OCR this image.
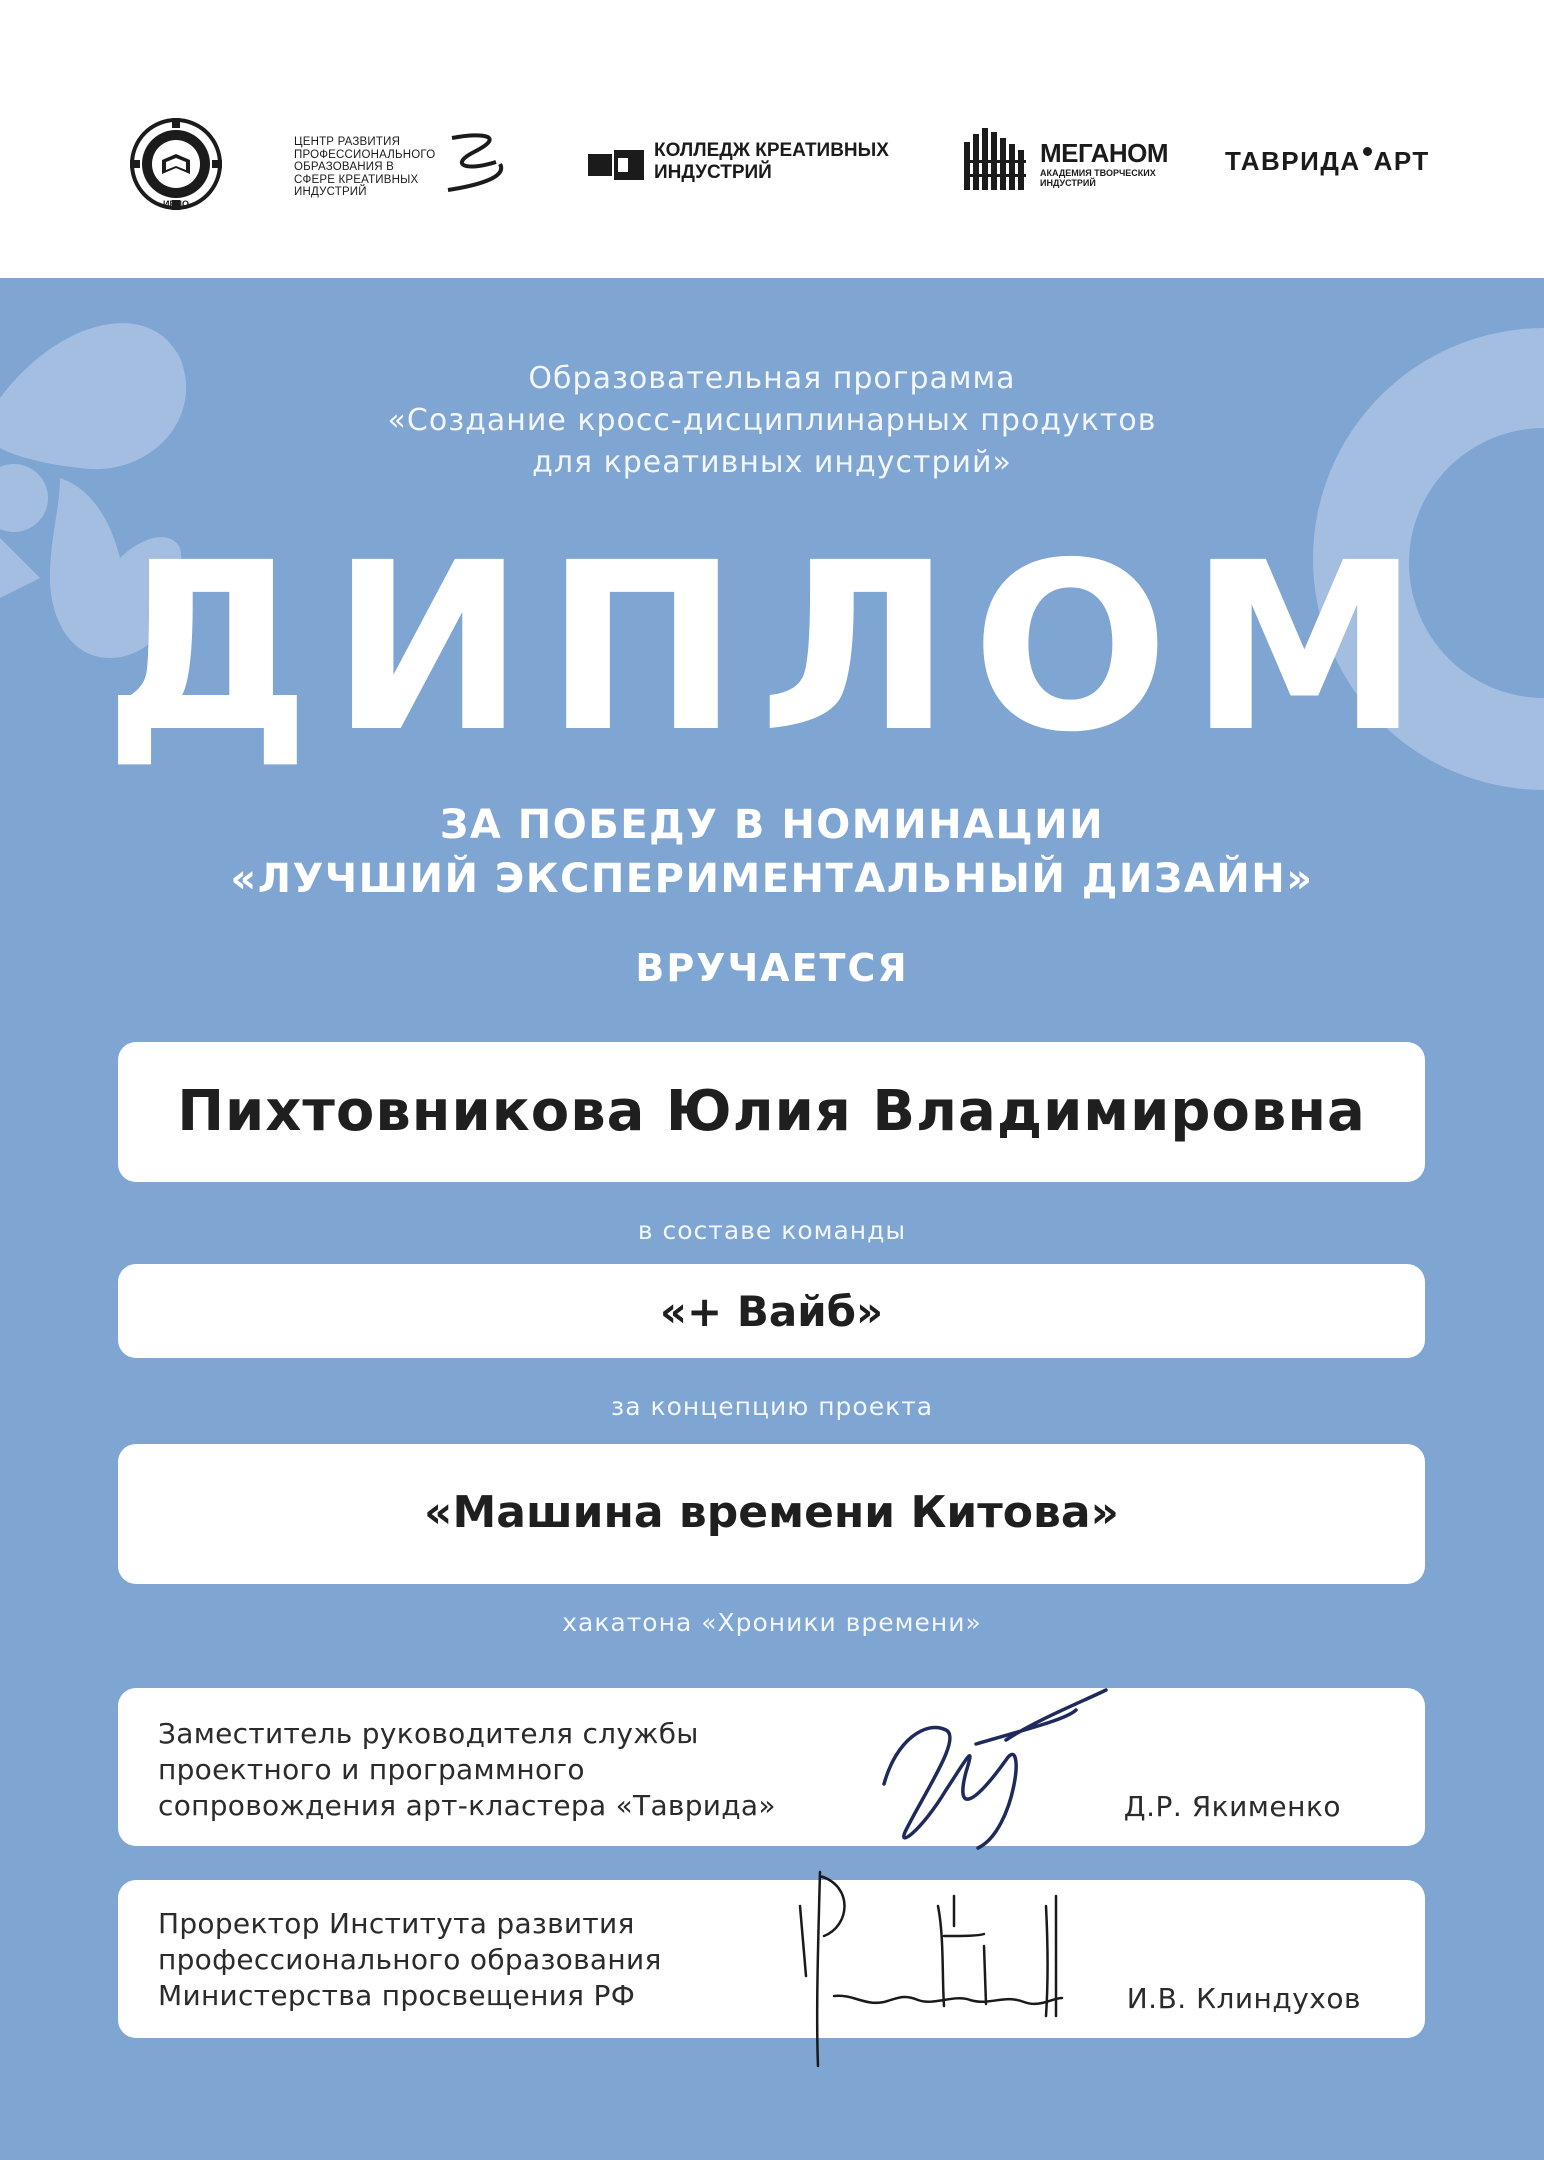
ИРПО
ЦЕНТР РАЗВИТИЯ ПРОФЕССИОНАЛЬНОГО ОБРАЗОВАНИЯ В СФЕРЕ КРЕАТИВНЫХ ИНДУСТРИЙ
КОЛЛЕДЖ КРЕАТИВНЫХ ИНДУСТРИЙ
МЕГАНОМ
АКАДЕМИЯ ТВОРЧЕСКИХ ИНДУСТРИЙ
ТАВРИДА АРТ
Образовательная программа
«Создание кросс-дисциплинарных продуктов
для креативных индустрий»
ДИПЛОМ
ЗА ПОБЕДУ В НОМИНАЦИИ
«ЛУЧШИЙ ЭКСПЕРИМЕНТАЛЬНЫЙ ДИЗАЙН»
ВРУЧАЕТСЯ
Пихтовникова Юлия Владимировна
в составе команды
«+ Вайб»
за концепцию проекта
«Машина времени Китова»
хакатона «Хроники времени»
Заместитель руководителя службы
проектного и программного
сопровождения арт-кластера «Таврида»	Д.Р. Якименко
Проректор Института развития
профессионального образования
Министерства просвещения РФ	И.В. Клиндухов
